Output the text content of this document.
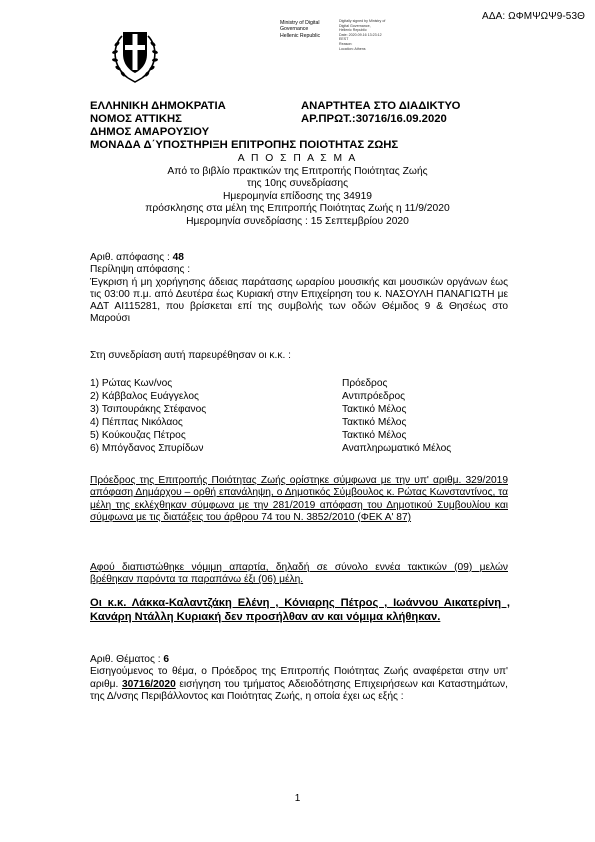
ΑΔΑ: ΩΦΜΨΩΨ9-53Θ
Ministry of Digital
Governance
Hellenic Republic
Digitally signed by Ministry of
Digital Governance,
Hellenic Republic
Date: 2020.09.16 13:23:12
EEST
Reason:
Location: Athens
ΕΛΛΗΝΙΚΗ ΔΗΜΟΚΡΑΤΙΑ
ΝΟΜΟΣ ΑΤΤΙΚΗΣ
ΔΗΜΟΣ ΑΜΑΡΟΥΣΙΟΥ
ΑΝΑΡΤΗΤΕΑ ΣΤΟ ΔΙΑΔΙΚΤΥΟ
ΑΡ.ΠΡΩΤ.:30716/16.09.2020
ΜΟΝΑΔΑ Δ΄ΥΠΟΣΤΗΡΙΞΗ ΕΠΙΤΡΟΠΗΣ ΠΟΙΟΤΗΤΑΣ ΖΩΗΣ
Α Π Ο Σ Π Α Σ Μ Α
Από το βιβλίο πρακτικών της Επιτροπής Ποιότητας Ζωής
της 10ης συνεδρίασης
Ημερομηνία επίδοσης της 34919
πρόσκλησης στα μέλη της Επιτροπής Ποιότητας Ζωής η 11/9/2020
Ημερομηνία συνεδρίασης : 15 Σεπτεμβρίου 2020
Αριθ. απόφασης : 48
Περίληψη απόφασης :
Έγκριση ή μη χορήγησης άδειας παράτασης ωραρίου μουσικής και μουσικών οργάνων έως τις 03:00 π.μ. από Δευτέρα έως Κυριακή στην Επιχείρηση του κ. ΝΑΣΟΥΛΗ ΠΑΝΑΓΙΩΤΗ με ΑΔΤ ΑΙ115281, που βρίσκεται επί της συμβολής των οδών Θέμιδος 9 & Θησέως στο Μαρούσι
Στη συνεδρίαση αυτή παρευρέθησαν οι κ.κ. :
1) Ρώτας Κων/νος	Πρόεδρος
2) Κάββαλος Ευάγγελος	Αντιπρόεδρος
3) Τσιπουράκης Στέφανος	Τακτικό Μέλος
4) Πέππας Νικόλαος	Τακτικό Μέλος
5) Κούκουζας Πέτρος	Τακτικό Μέλος
6) Μπόγδανος Σπυρίδων	Αναπληρωματικό Μέλος
Πρόεδρος της Επιτροπής Ποιότητας Ζωής ορίστηκε σύμφωνα με την υπ' αριθμ. 329/2019 απόφαση Δημάρχου – ορθή επανάληψη, ο Δημοτικός Σύμβουλος κ. Ρώτας Κωνσταντίνος, τα μέλη της εκλέχθηκαν σύμφωνα με την 281/2019 απόφαση του Δημοτικού Συμβουλίου και σύμφωνα με τις διατάξεις του άρθρου 74 του Ν. 3852/2010 (ΦΕΚ Α' 87)
Αφού διαπιστώθηκε νόμιμη απαρτία, δηλαδή σε σύνολο εννέα τακτικών (09) μελών βρέθηκαν παρόντα τα παραπάνω έξι (06) μέλη.
Οι κ.κ. Λάκκα-Καλαντζάκη Ελένη , Κόνιαρης Πέτρος , Ιωάννου Αικατερίνη , Κανάρη Ντάλλη Κυριακή δεν προσήλθαν αν και νόμιμα κλήθηκαν.
Αριθ. Θέματος : 6
Εισηγούμενος το θέμα, ο Πρόεδρος της Επιτροπής Ποιότητας Ζωής αναφέρεται στην υπ' αριθμ. 30716/2020 εισήγηση του τμήματος Αδειοδότησης Επιχειρήσεων και Καταστημάτων, της Δ/νσης Περιβάλλοντος και Ποιότητας Ζωής, η οποία έχει ως εξής :
1
